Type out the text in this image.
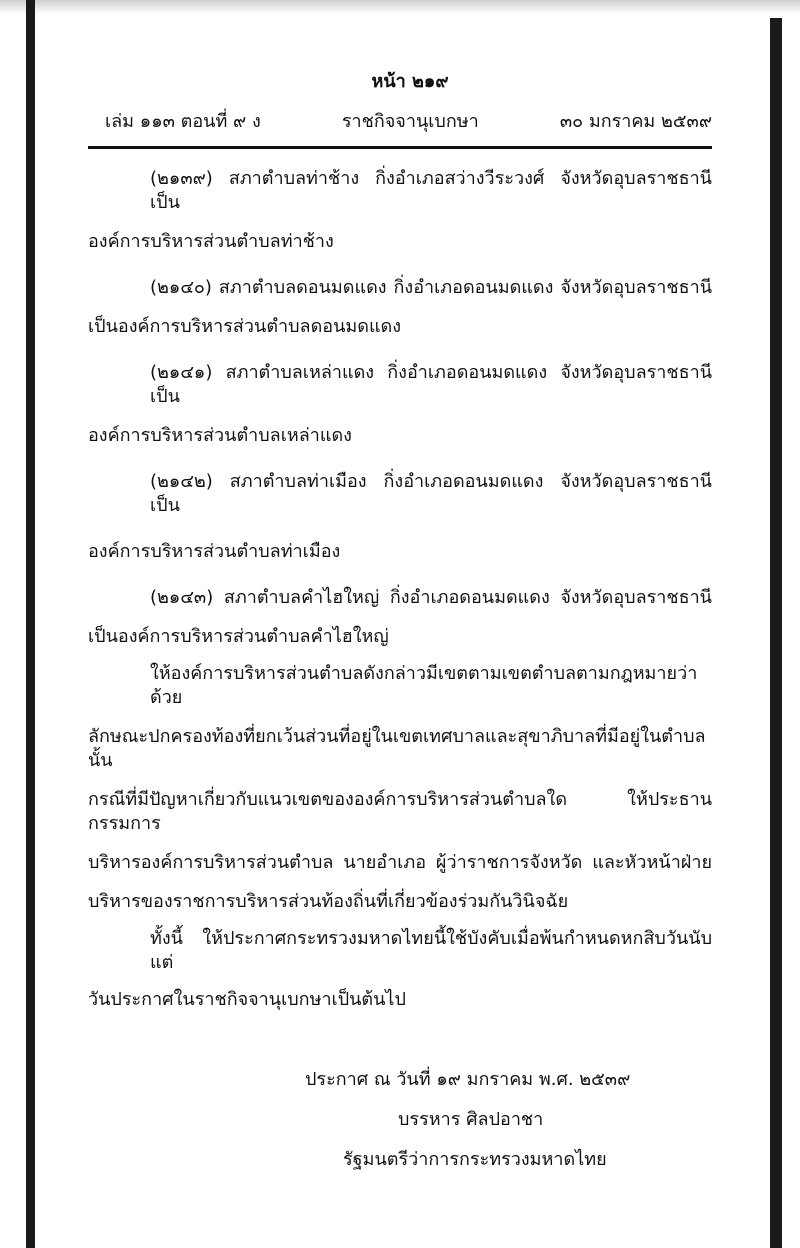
หน้า ๒๑๙
เล่ม ๑๑๓ ตอนที่ ๙ ง	ราชกิจจานุเบกษา	๓๐ มกราคม ๒๕๓๙
(๒๑๓๙) สภาตำบลท่าช้าง กิ่งอำเภอสว่างวีระวงศ์ จังหวัดอุบลราชธานี เป็น
องค์การบริหารส่วนตำบลท่าช้าง
(๒๑๔๐) สภาตำบลดอนมดแดง กิ่งอำเภอดอนมดแดง จังหวัดอุบลราชธานี
เป็นองค์การบริหารส่วนตำบลดอนมดแดง
(๒๑๔๑) สภาตำบลเหล่าแดง กิ่งอำเภอดอนมดแดง จังหวัดอุบลราชธานี เป็น
องค์การบริหารส่วนตำบลเหล่าแดง
(๒๑๔๒) สภาตำบลท่าเมือง กิ่งอำเภอดอนมดแดง จังหวัดอุบลราชธานี เป็น
องค์การบริหารส่วนตำบลท่าเมือง
(๒๑๔๓) สภาตำบลคำไฮใหญ่ กิ่งอำเภอดอนมดแดง จังหวัดอุบลราชธานี
เป็นองค์การบริหารส่วนตำบลคำไฮใหญ่
ให้องค์การบริหารส่วนตำบลดังกล่าวมีเขตตามเขตตำบลตามกฎหมายว่าด้วย
ลักษณะปกครองท้องที่ยกเว้นส่วนที่อยู่ในเขตเทศบาลและสุขาภิบาลที่มีอยู่ในตำบลนั้น
กรณีที่มีปัญหาเกี่ยวกับแนวเขตขององค์การบริหารส่วนตำบลใด ให้ประธานกรรมการ
บริหารองค์การบริหารส่วนตำบล นายอำเภอ ผู้ว่าราชการจังหวัด และหัวหน้าฝ่าย
บริหารของราชการบริหารส่วนท้องถิ่นที่เกี่ยวข้องร่วมกันวินิจฉัย
ทั้งนี้ ให้ประกาศกระทรวงมหาดไทยนี้ใช้บังคับเมื่อพ้นกำหนดหกสิบวันนับแต่
วันประกาศในราชกิจจานุเบกษาเป็นต้นไป
ประกาศ ณ วันที่ ๑๙ มกราคม พ.ศ. ๒๕๓๙
บรรหาร ศิลปอาชา
รัฐมนตรีว่าการกระทรวงมหาดไทย
